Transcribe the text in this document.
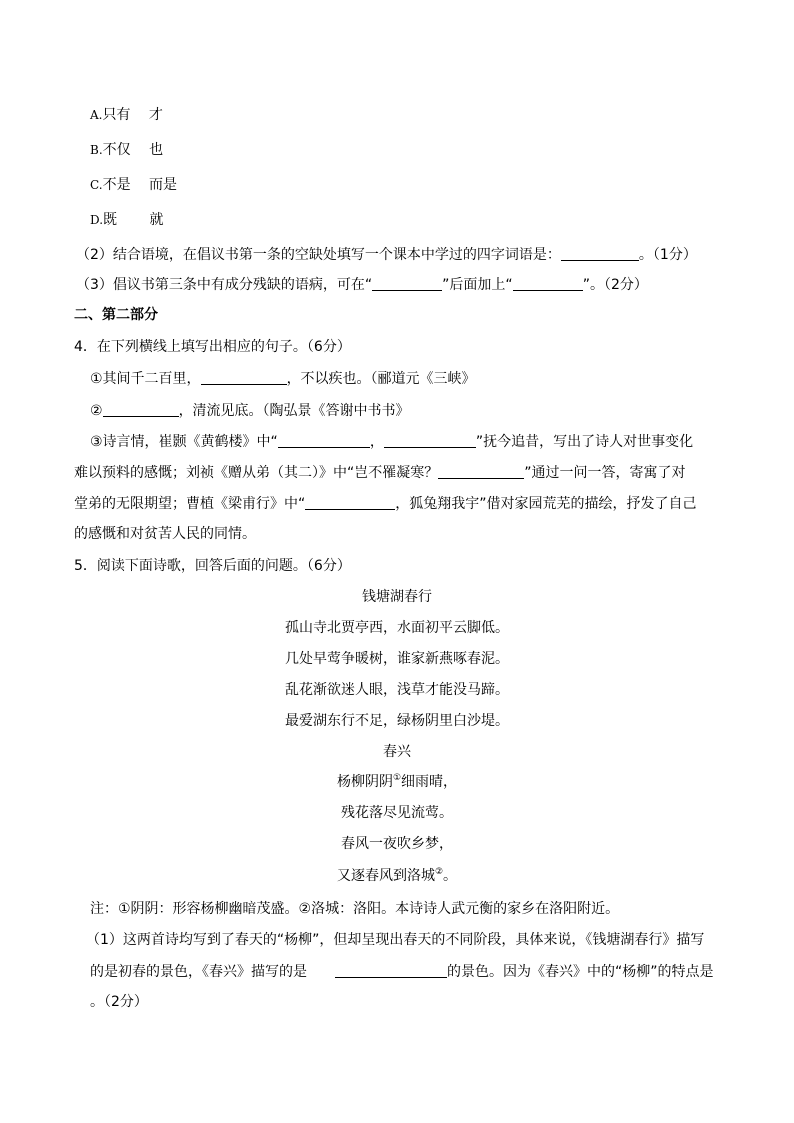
A.只有　 才
B.不仅　 也
C.不是　 而是
D.既　　 就
（2）结合语境，在倡议书第一条的空缺处填写一个课本中学过的四字词语是：	。（1分）
（3）倡议书第三条中有成分残缺的语病，可在“	”后面加上“	”。（2分）
二、第二部分
4．在下列横线上填写出相应的句子。（6分）
①其间千二百里，	，不以疾也。（郦道元《三峡》
②	，清流见底。（陶弘景《答谢中书书》
③诗言情，崔颢《黄鹤楼》中“	，	”抚今追昔，写出了诗人对世事变化
难以预料的感慨；刘祯《赠从弟（其二）》中“岂不罹凝寒？	”通过一问一答，寄寓了对
堂弟的无限期望；曹植《梁甫行》中“	，狐兔翔我宇”借对家园荒芜的描绘，抒发了自己
的感慨和对贫苦人民的同情。
5．阅读下面诗歌，回答后面的问题。（6分）
钱塘湖春行
孤山寺北贾亭西，水面初平云脚低。
几处早莺争暖树，谁家新燕啄春泥。
乱花渐欲迷人眼，浅草才能没马蹄。
最爱湖东行不足，绿杨阴里白沙堤。
春兴
杨柳阴阴①细雨晴，
残花落尽见流莺。
春风一夜吹乡梦，
又逐春风到洛城②。
注：①阴阴：形容杨柳幽暗茂盛。②洛城：洛阳。本诗诗人武元衡的家乡在洛阳附近。
（1）这两首诗均写到了春天的“杨柳”，但却呈现出春天的不同阶段，具体来说，《钱塘湖春行》描写
的是初春的景色，《春兴》描写的是　　	的景色。因为《春兴》中的“杨柳”的特点是
。（2分）
